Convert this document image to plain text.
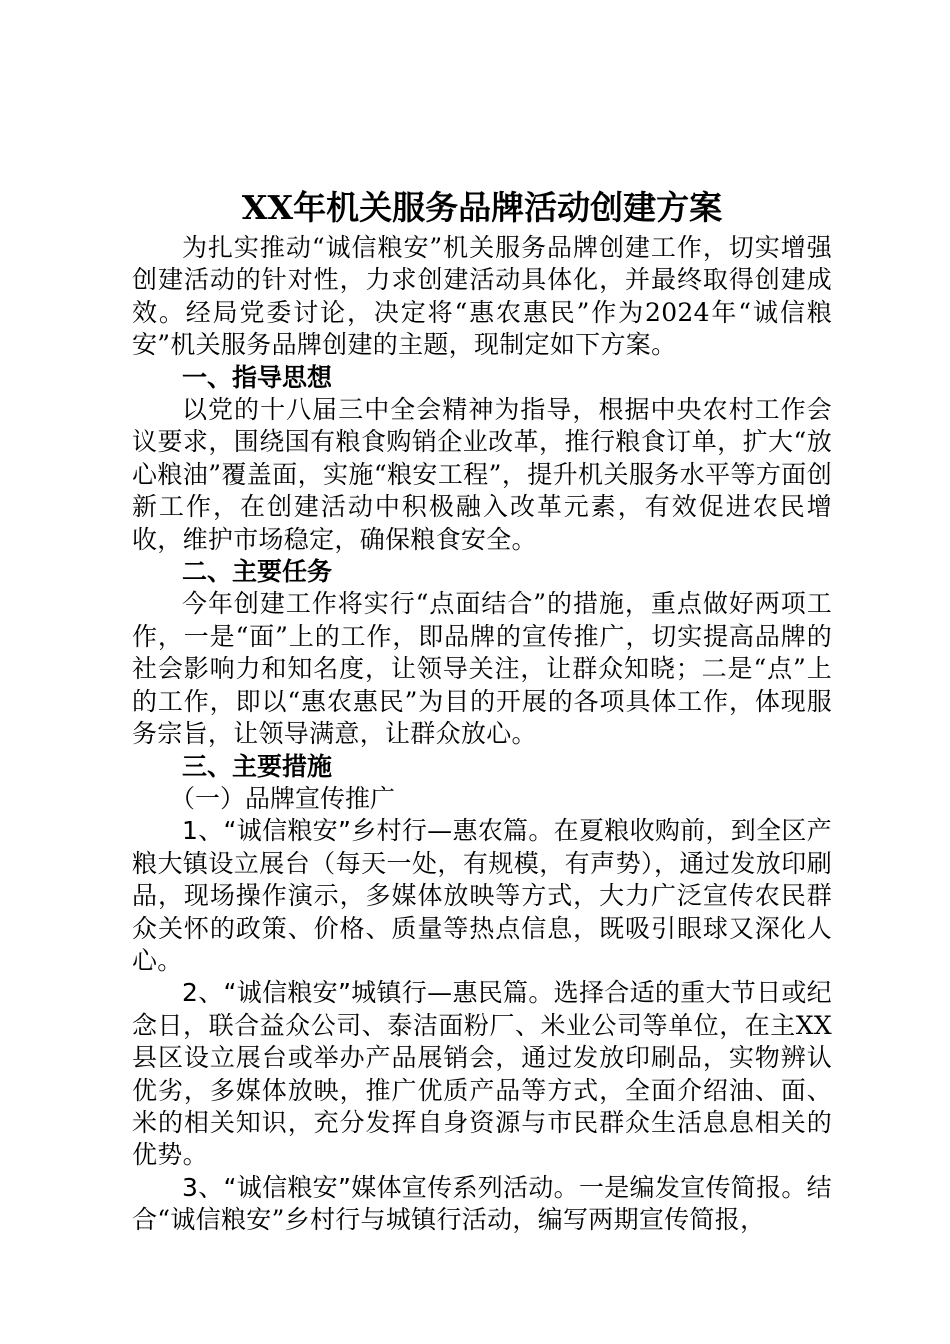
XX年机关服务品牌活动创建方案

为扎实推动“诚信粮安”机关服务品牌创建工作，切实增强创建活动的针对性，力求创建活动具体化，并最终取得创建成效。经局党委讨论，决定将“惠农惠民”作为2024年“诚信粮安”机关服务品牌创建的主题，现制定如下方案。

一、指导思想

以党的十八届三中全会精神为指导，根据中央农村工作会议要求，围绕国有粮食购销企业改革，推行粮食订单，扩大“放心粮油”覆盖面，实施“粮安工程”，提升机关服务水平等方面创新工作，在创建活动中积极融入改革元素，有效促进农民增收，维护市场稳定，确保粮食安全。

二、主要任务

今年创建工作将实行“点面结合”的措施，重点做好两项工作，一是“面”上的工作，即品牌的宣传推广，切实提高品牌的社会影响力和知名度，让领导关注，让群众知晓；二是“点”上的工作，即以“惠农惠民”为目的开展的各项具体工作，体现服务宗旨，让领导满意，让群众放心。

三、主要措施

（一）品牌宣传推广

1、“诚信粮安”乡村行—惠农篇。在夏粮收购前，到全区产粮大镇设立展台（每天一处，有规模，有声势），通过发放印刷品，现场操作演示，多媒体放映等方式，大力广泛宣传农民群众关怀的政策、价格、质量等热点信息，既吸引眼球又深化人心。

2、“诚信粮安”城镇行—惠民篇。选择合适的重大节日或纪念日，联合益众公司、泰洁面粉厂、米业公司等单位，在主XX县区设立展台或举办产品展销会，通过发放印刷品，实物辨认优劣，多媒体放映，推广优质产品等方式，全面介绍油、面、米的相关知识，充分发挥自身资源与市民群众生活息息相关的优势。

3、“诚信粮安”媒体宣传系列活动。一是编发宣传简报。结合“诚信粮安”乡村行与城镇行活动，编写两期宣传简报，
